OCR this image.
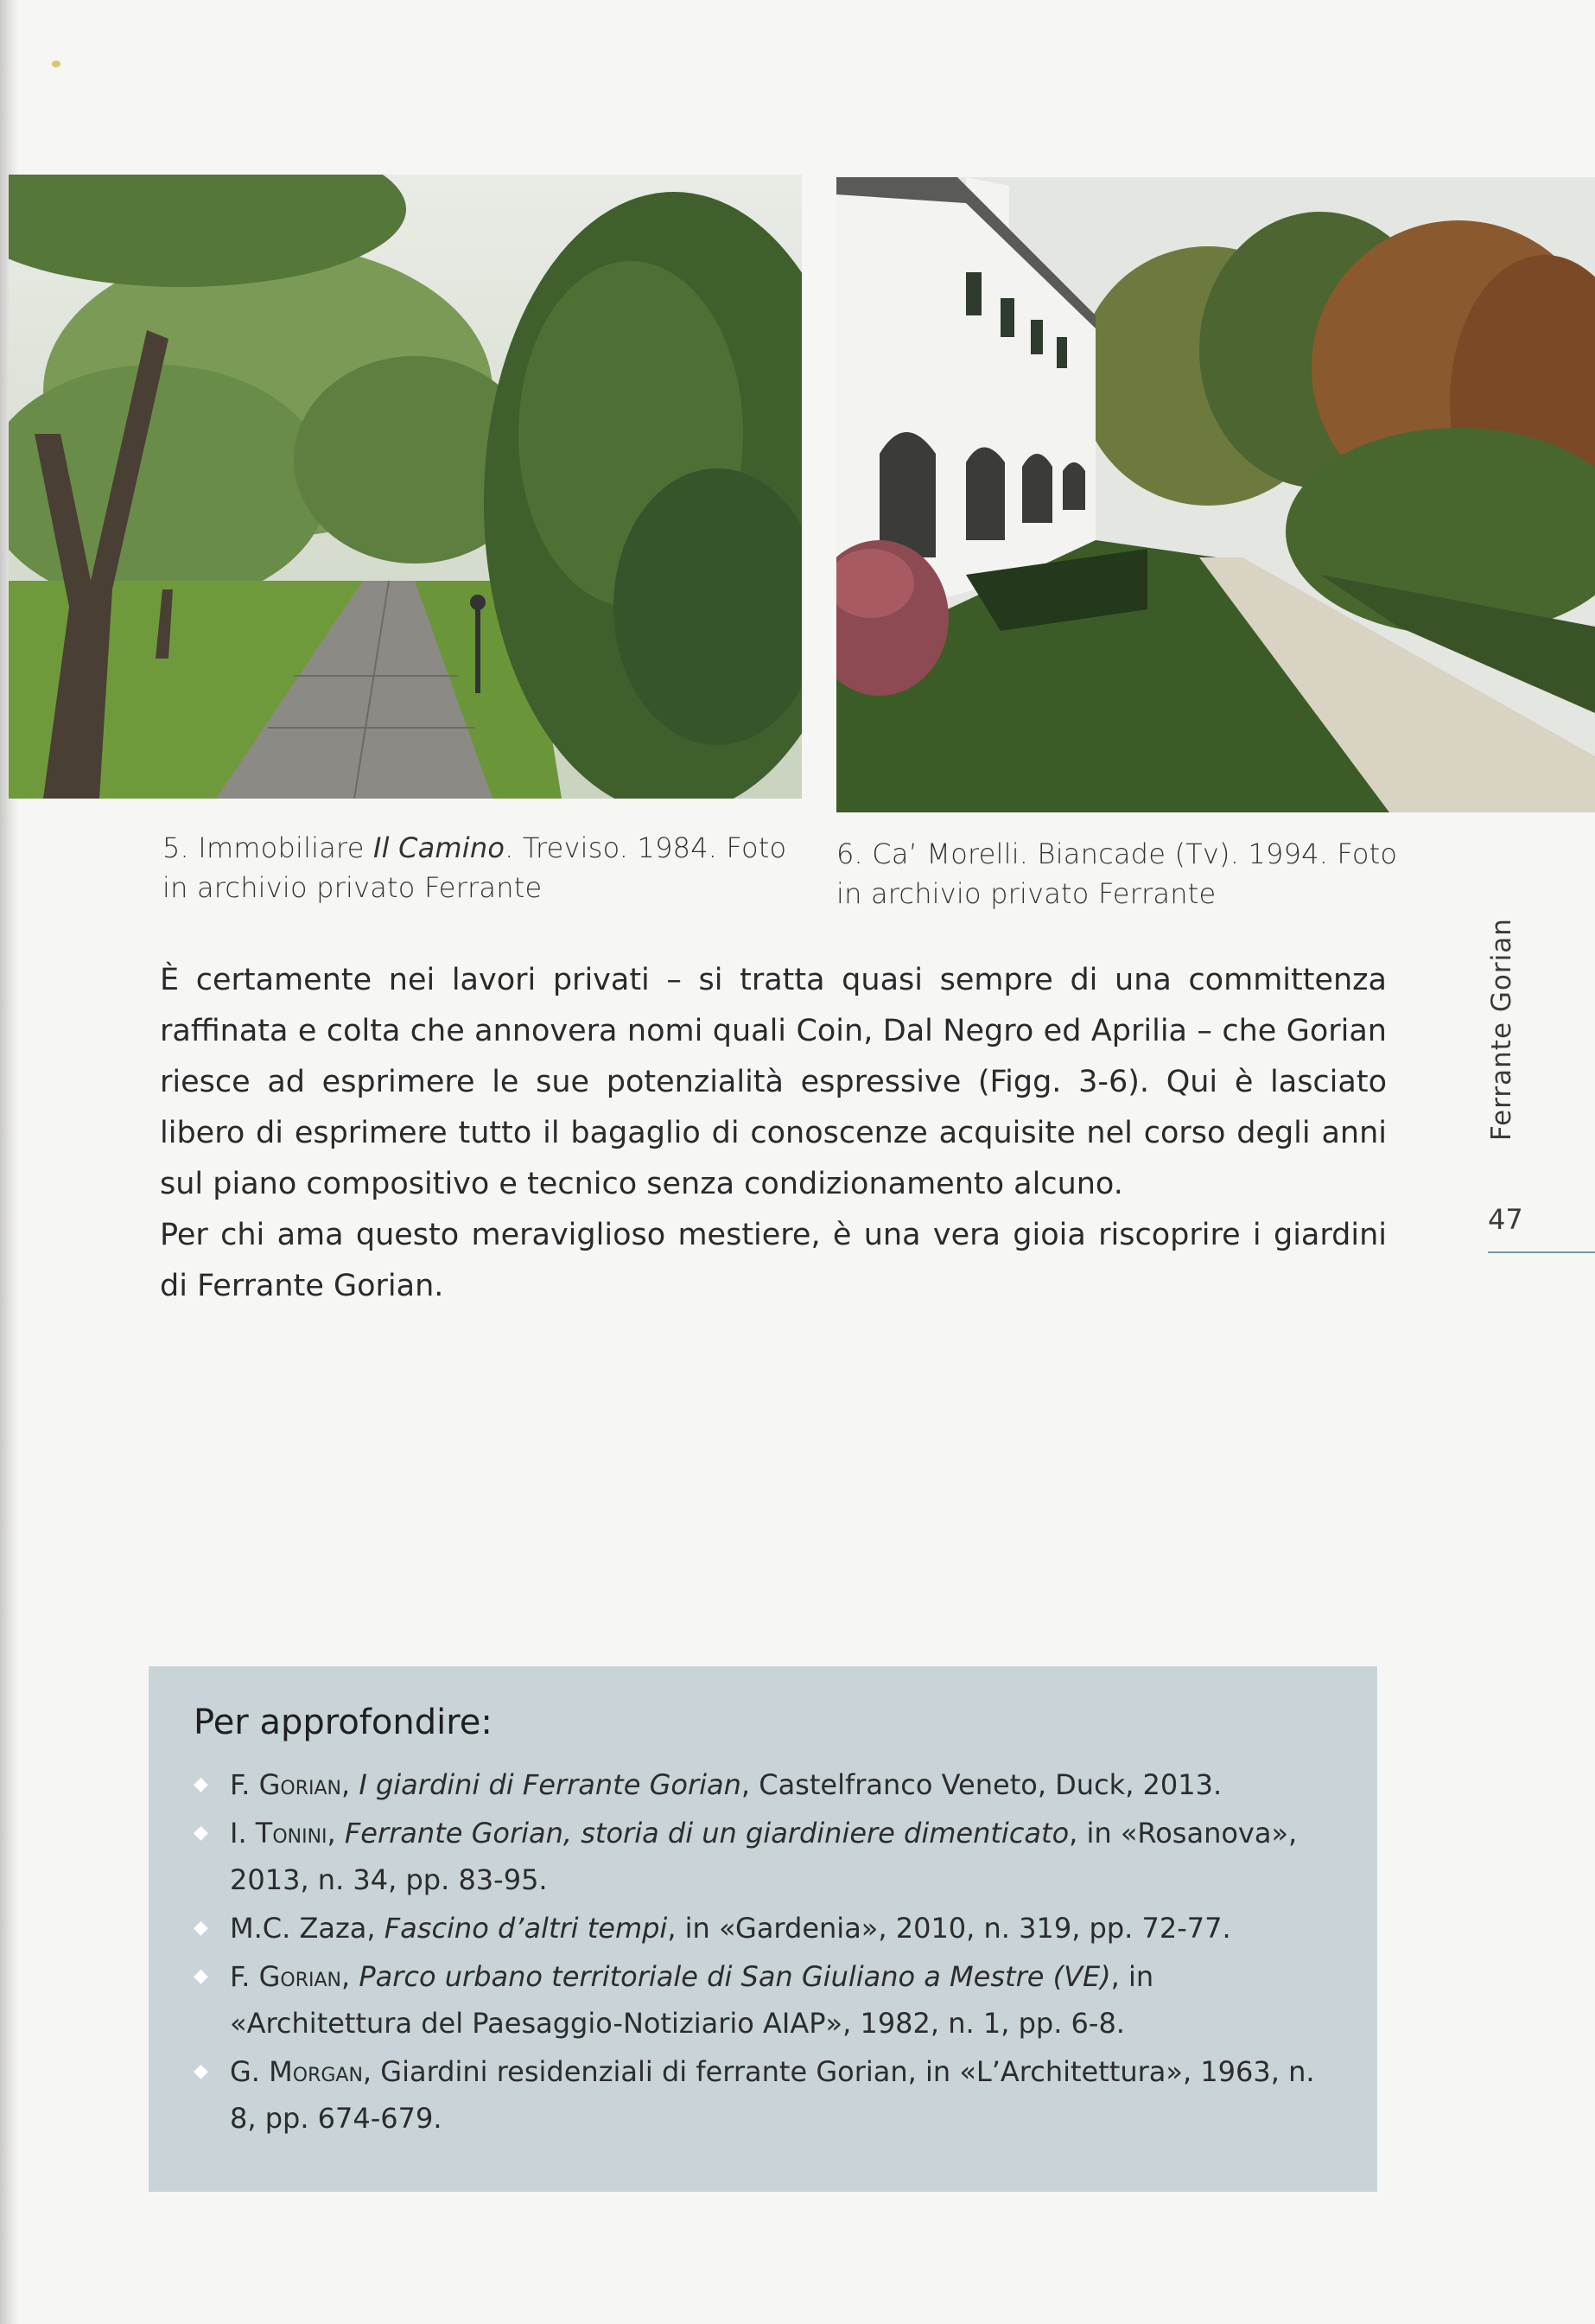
5. Immobiliare Il Camino. Treviso. 1984. Foto in archivio privato Ferrante
6. Ca’ Morelli. Biancade (Tv). 1994. Foto in archivio privato Ferrante

È certamente nei lavori privati – si tratta quasi sempre di una committenza raffinata e colta che annovera nomi quali Coin, Dal Negro ed Aprilia – che Gorian riesce ad esprimere le sue potenzialità espressive (Figg. 3-6). Qui è lasciato libero di esprimere tutto il bagaglio di conoscenze acquisite nel corso degli anni sul piano compositivo e tecnico senza condizionamento alcuno.

Per chi ama questo meraviglioso mestiere, è una vera gioia riscoprire i giardini di Ferrante Gorian.

Ferrante Gorian
47
Per approfondire:
◆ F. Gorian, I giardini di Ferrante Gorian, Castelfranco Veneto, Duck, 2013.
◆ I. Tonini, Ferrante Gorian, storia di un giardiniere dimenticato, in «Rosanova», 2013, n. 34, pp. 83-95.
◆ M.C. Zaza, Fascino d’altri tempi, in «Gardenia», 2010, n. 319, pp. 72-77.
◆ F. Gorian, Parco urbano territoriale di San Giuliano a Mestre (VE), in «Architettura del Paesaggio-Notiziario AIAP», 1982, n. 1, pp. 6-8.
◆ G. Morgan, Giardini residenziali di ferrante Gorian, in «L’Architettura», 1963, n. 8, pp. 674-679.
